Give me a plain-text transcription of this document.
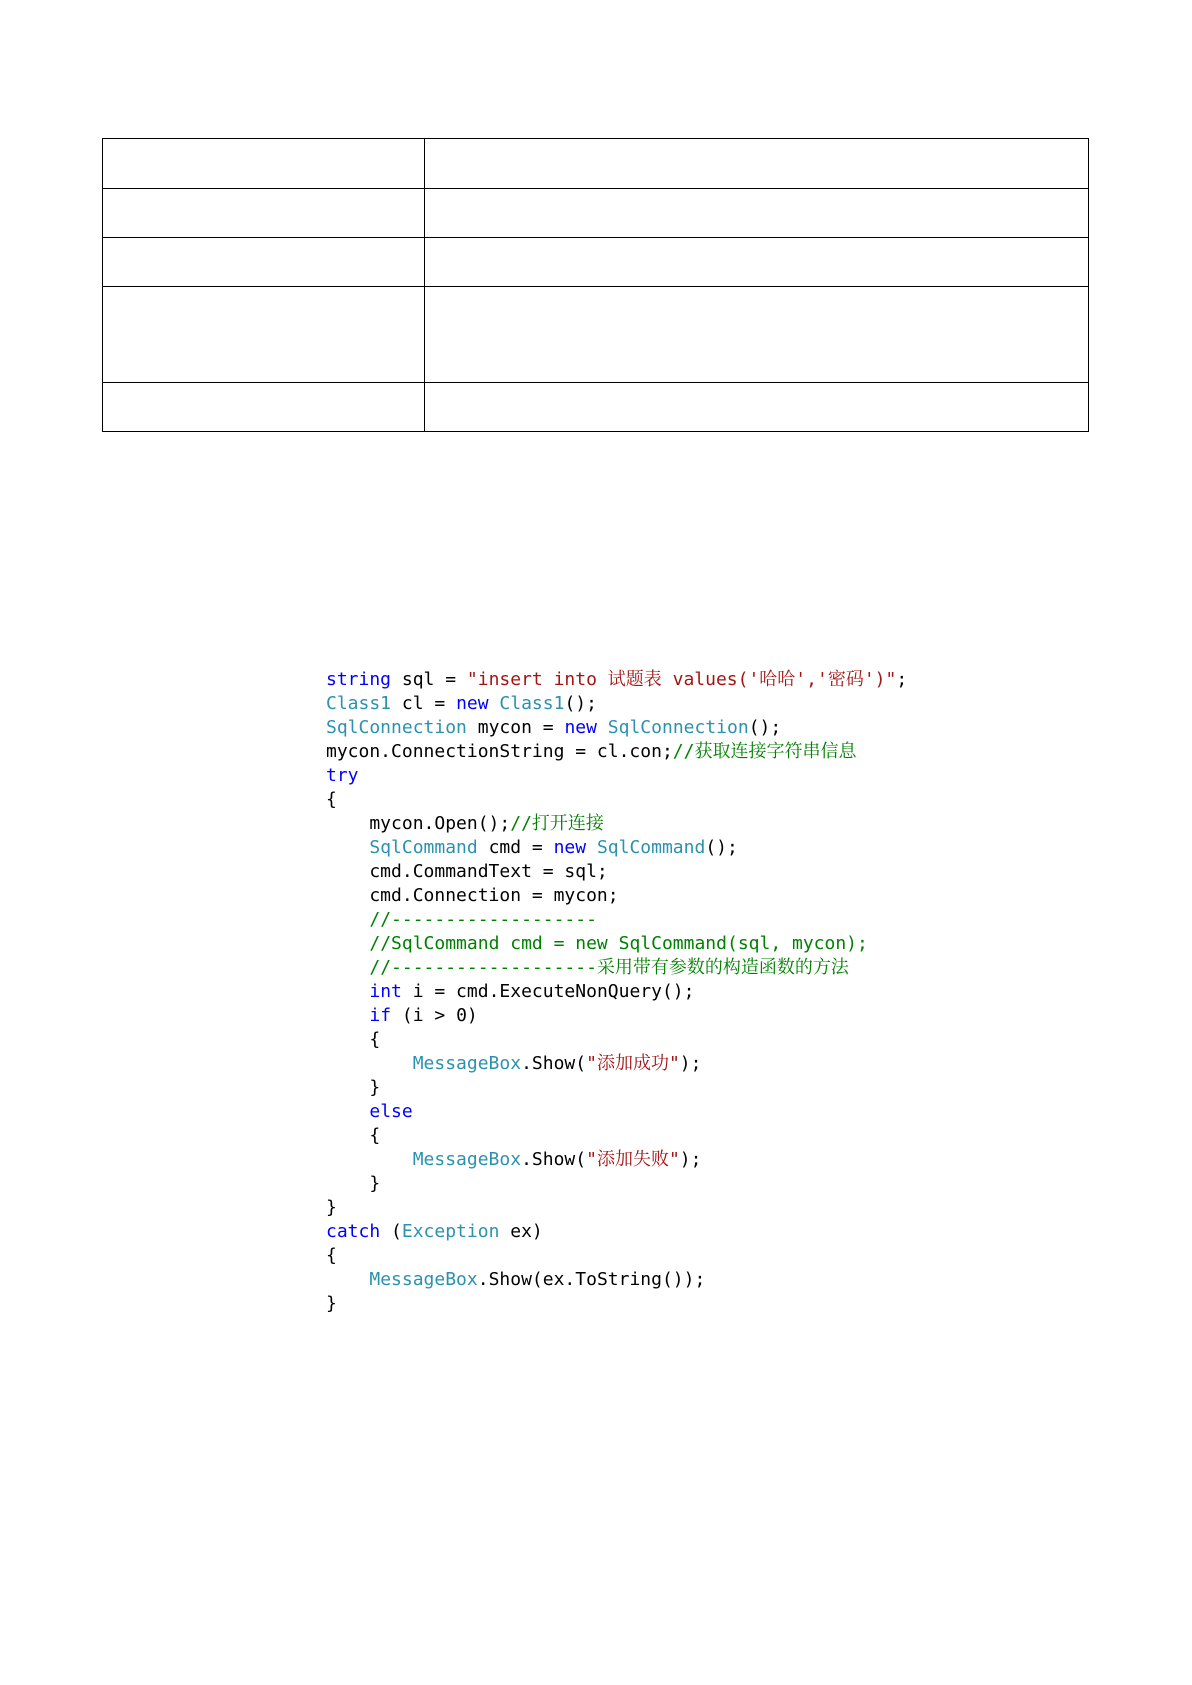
string sql = "insert into 试题表 values('哈哈','密码')";
Class1 cl = new Class1();
SqlConnection mycon = new SqlConnection();
mycon.ConnectionString = cl.con;//获取连接字符串信息
try
{
mycon.Open();//打开连接
SqlCommand cmd = new SqlCommand();
cmd.CommandText = sql;
cmd.Connection = mycon;
//-------------------
//SqlCommand cmd = new SqlCommand(sql, mycon);
//-------------------采用带有参数的构造函数的方法
int i = cmd.ExecuteNonQuery();
if (i > 0)
{
MessageBox.Show("添加成功");
}
else
{
MessageBox.Show("添加失败");
}
}
catch (Exception ex)
{
MessageBox.Show(ex.ToString());
}
